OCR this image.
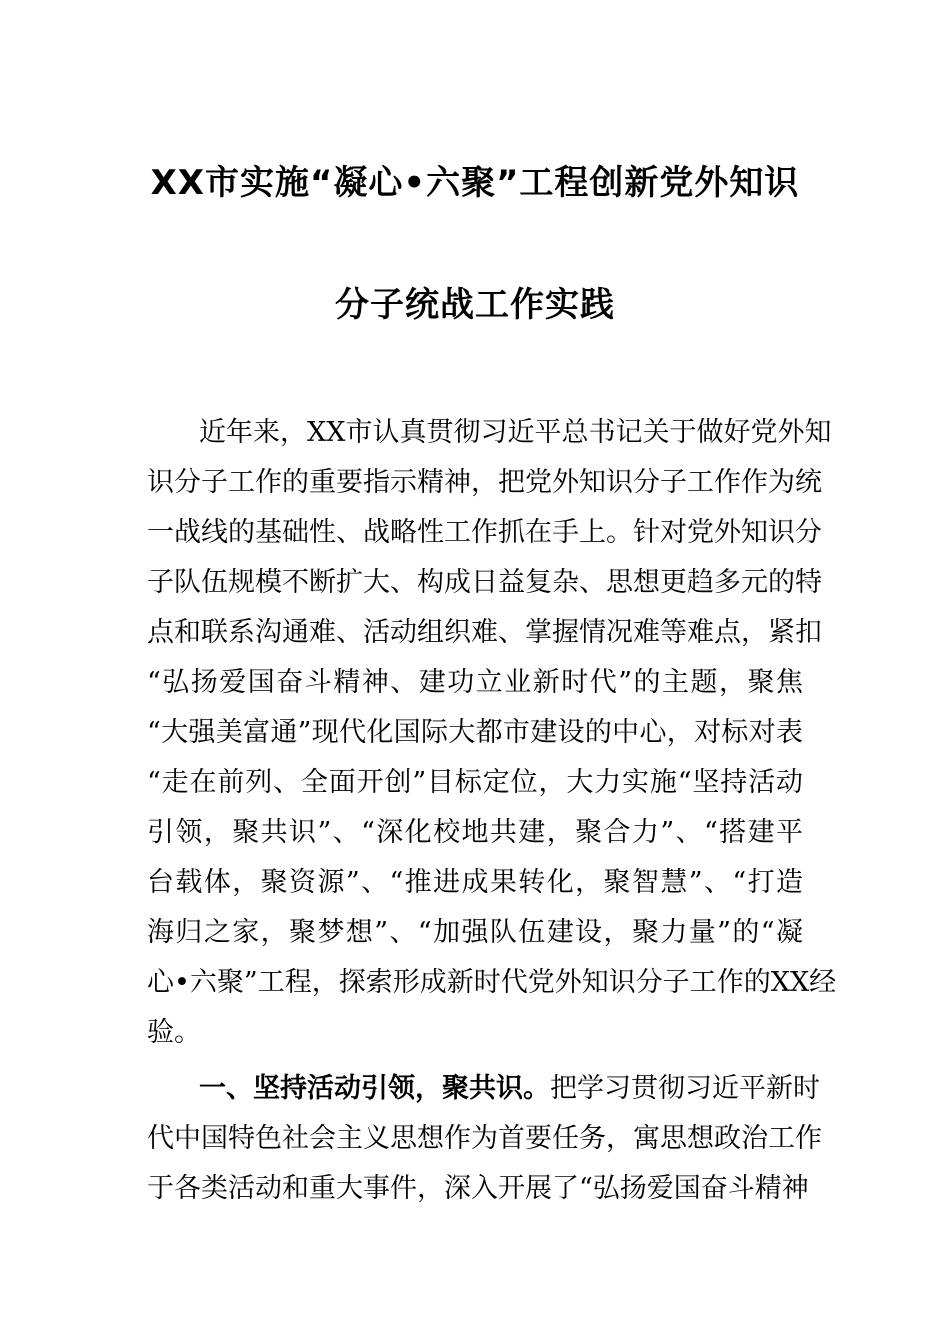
XX市实施“凝心•六聚”工程创新党外知识
分子统战工作实践
近年来，XX市认真贯彻习近平总书记关于做好党外知
识分子工作的重要指示精神，把党外知识分子工作作为统
一战线的基础性、战略性工作抓在手上。针对党外知识分
子队伍规模不断扩大、构成日益复杂、思想更趋多元的特
点和联系沟通难、活动组织难、掌握情况难等难点，紧扣
“弘扬爱国奋斗精神、建功立业新时代”的主题，聚焦
“大强美富通”现代化国际大都市建设的中心，对标对表
“走在前列、全面开创”目标定位，大力实施“坚持活动
引领，聚共识”、“深化校地共建，聚合力”、“搭建平
台载体，聚资源”、“推进成果转化，聚智慧”、“打造
海归之家，聚梦想”、“加强队伍建设，聚力量”的“凝
心•六聚”工程，探索形成新时代党外知识分子工作的XX经
验。
一、坚持活动引领，聚共识。把学习贯彻习近平新时
代中国特色社会主义思想作为首要任务，寓思想政治工作
于各类活动和重大事件，深入开展了“弘扬爱国奋斗精神
